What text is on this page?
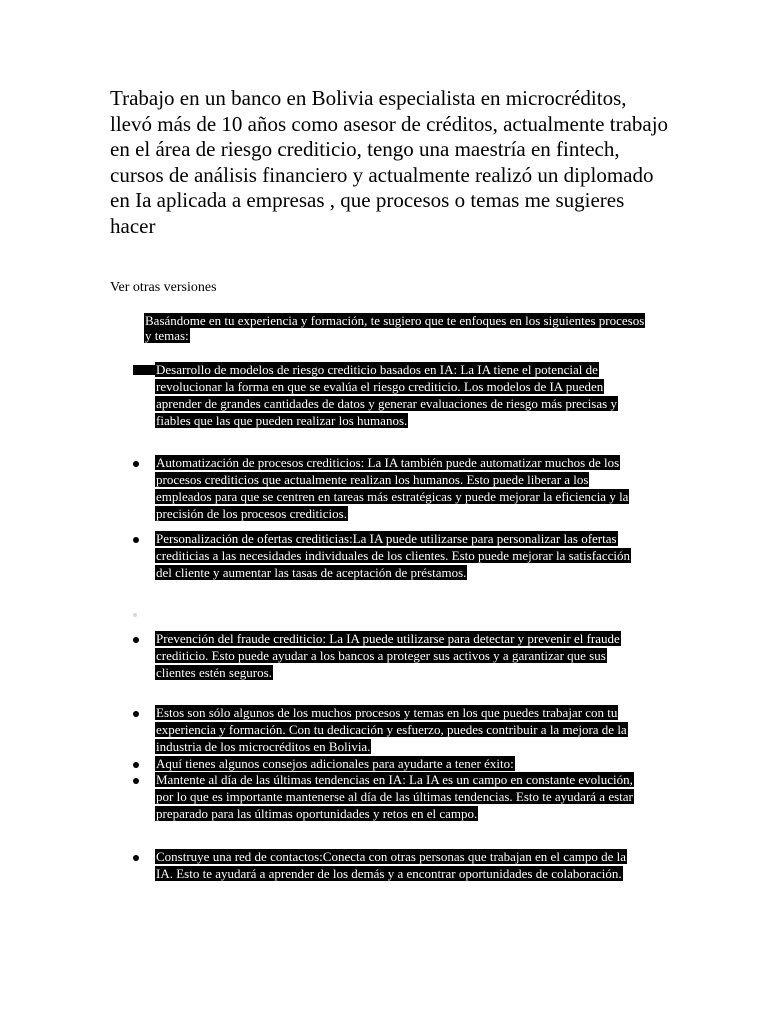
Trabajo en un banco en Bolivia especialista en microcréditos, llevó más de 10 años como asesor de créditos, actualmente trabajo en el área de riesgo crediticio, tengo una maestría en fintech, cursos de análisis financiero y actualmente realizó un diplomado en Ia aplicada a empresas , que procesos o temas me sugieres hacer
Ver otras versiones
Basándome en tu experiencia y formación, te sugiero que te enfoques en los siguientes procesos y temas:
Desarrollo de modelos de riesgo crediticio basados en IA: La IA tiene el potencial de revolucionar la forma en que se evalúa el riesgo crediticio. Los modelos de IA pueden aprender de grandes cantidades de datos y generar evaluaciones de riesgo más precisas y fiables que las que pueden realizar los humanos.
Automatización de procesos crediticios: La IA también puede automatizar muchos de los procesos crediticios que actualmente realizan los humanos. Esto puede liberar a los empleados para que se centren en tareas más estratégicas y puede mejorar la eficiencia y la precisión de los procesos crediticios.
Personalización de ofertas crediticias:La IA puede utilizarse para personalizar las ofertas crediticias a las necesidades individuales de los clientes. Esto puede mejorar la satisfacción del cliente y aumentar las tasas de aceptación de préstamos.
Prevención del fraude crediticio: La IA puede utilizarse para detectar y prevenir el fraude crediticio. Esto puede ayudar a los bancos a proteger sus activos y a garantizar que sus clientes estén seguros.
Estos son sólo algunos de los muchos procesos y temas en los que puedes trabajar con tu experiencia y formación. Con tu dedicación y esfuerzo, puedes contribuir a la mejora de la industria de los microcréditos en Bolivia.
Aquí tienes algunos consejos adicionales para ayudarte a tener éxito:
Mantente al día de las últimas tendencias en IA: La IA es un campo en constante evolución, por lo que es importante mantenerse al día de las últimas tendencias. Esto te ayudará a estar preparado para las últimas oportunidades y retos en el campo.
Construye una red de contactos:Conecta con otras personas que trabajan en el campo de la IA. Esto te ayudará a aprender de los demás y a encontrar oportunidades de colaboración.
